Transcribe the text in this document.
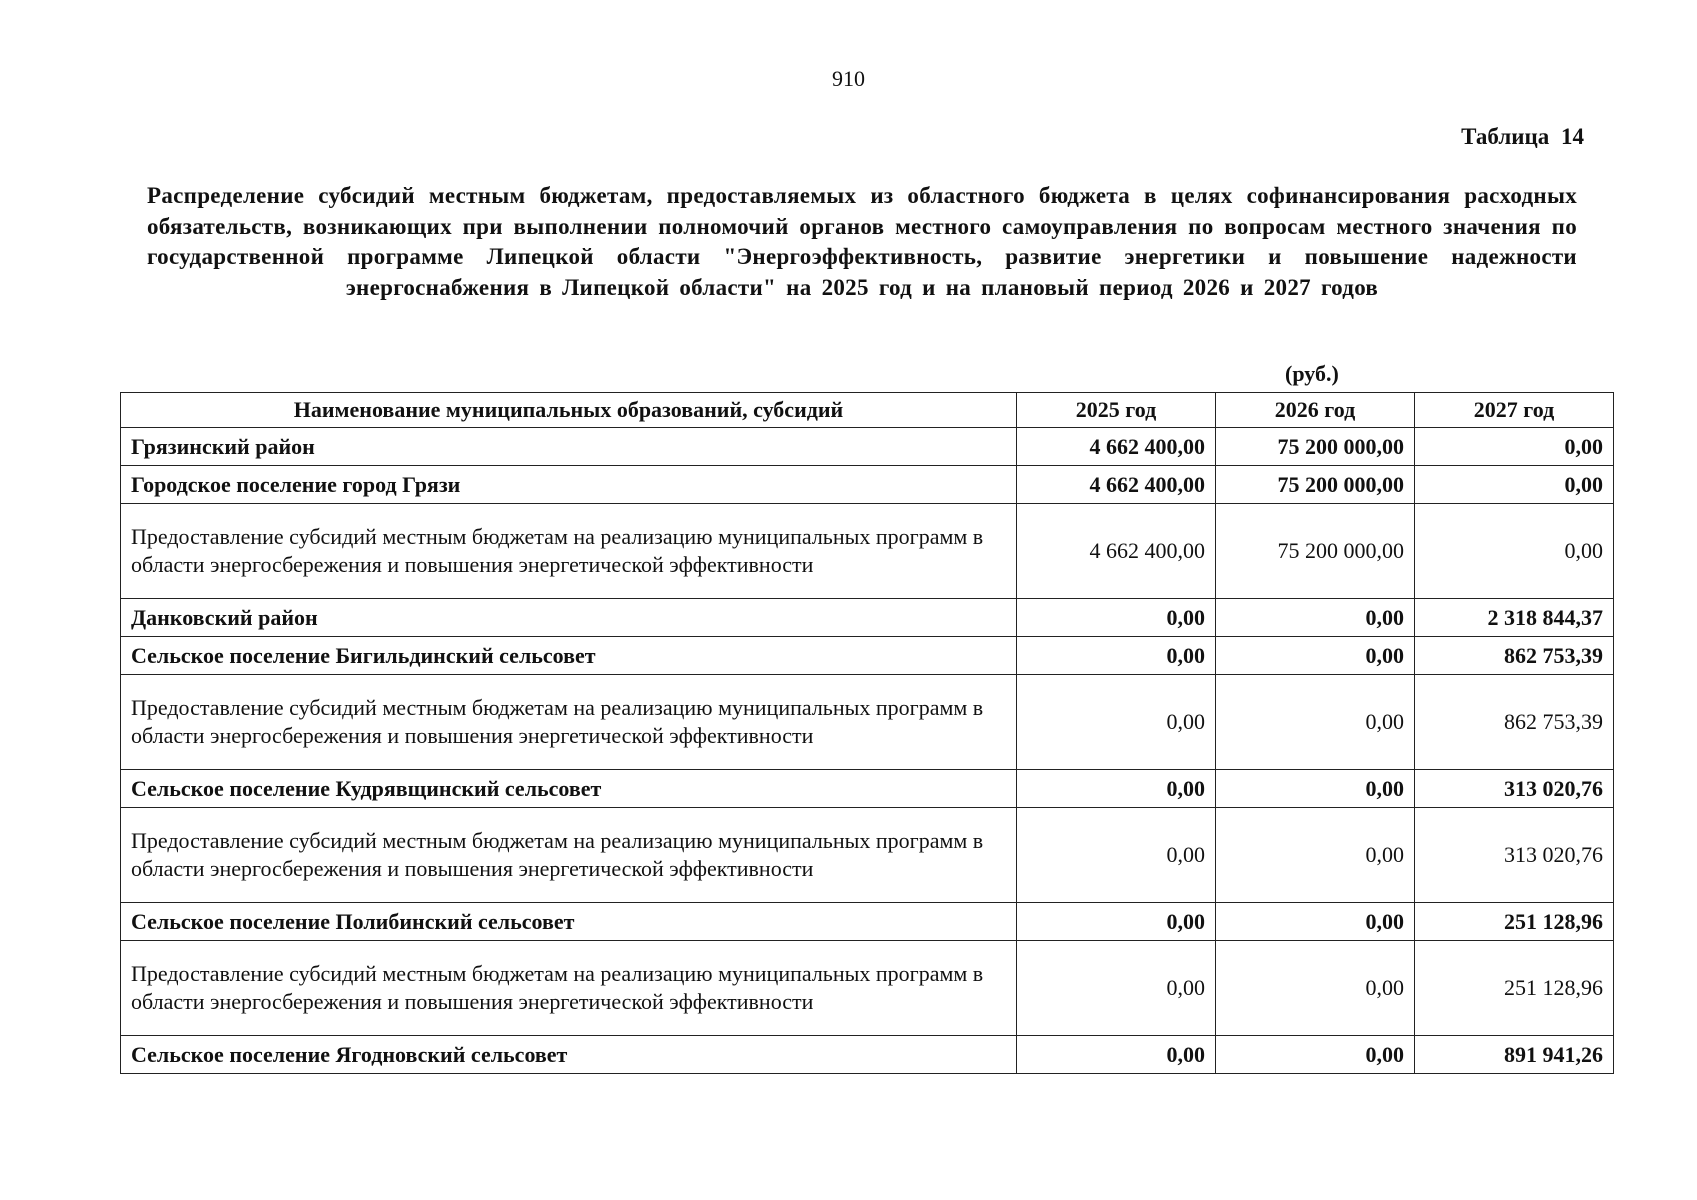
910
Таблица 14
Распределение субсидий местным бюджетам, предоставляемых из областного бюджета в целях софинансирования расходных обязательств, возникающих при выполнении полномочий органов местного самоуправления по вопросам местного значения по государственной программе Липецкой области "Энергоэффективность, развитие энергетики и повышение надежности энергоснабжения в Липецкой области" на 2025 год и на плановый период 2026 и 2027 годов
(руб.)
Наименование муниципальных образований, субсидий	2025 год	2026 год	2027 год
Грязинский район	4 662 400,00	75 200 000,00	0,00
Городское поселение город Грязи	4 662 400,00	75 200 000,00	0,00
Предоставление субсидий местным бюджетам на реализацию муниципальных программ в области энергосбережения и повышения энергетической эффективности	4 662 400,00	75 200 000,00	0,00
Данковский район	0,00	0,00	2 318 844,37
Сельское поселение Бигильдинский сельсовет	0,00	0,00	862 753,39
Предоставление субсидий местным бюджетам на реализацию муниципальных программ в области энергосбережения и повышения энергетической эффективности	0,00	0,00	862 753,39
Сельское поселение Кудрявщинский сельсовет	0,00	0,00	313 020,76
Предоставление субсидий местным бюджетам на реализацию муниципальных программ в области энергосбережения и повышения энергетической эффективности	0,00	0,00	313 020,76
Сельское поселение Полибинский сельсовет	0,00	0,00	251 128,96
Предоставление субсидий местным бюджетам на реализацию муниципальных программ в области энергосбережения и повышения энергетической эффективности	0,00	0,00	251 128,96
Сельское поселение Ягодновский сельсовет	0,00	0,00	891 941,26
